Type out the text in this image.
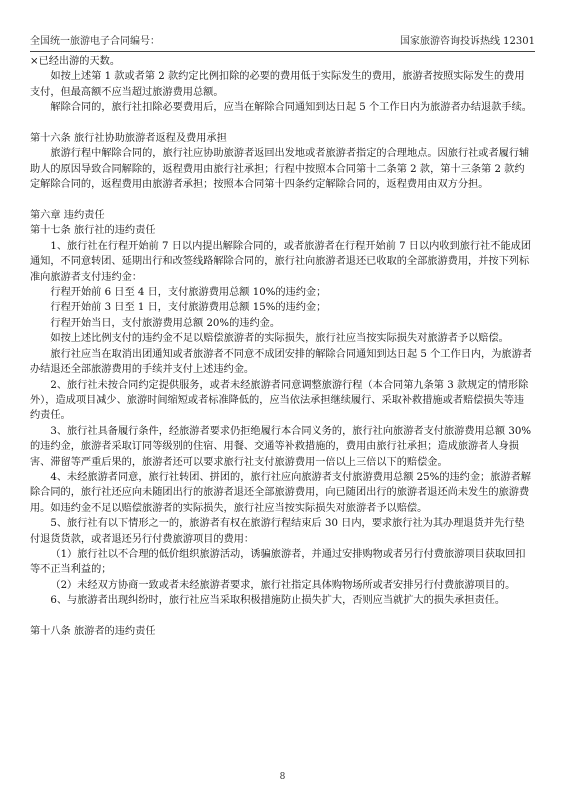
全国统一旅游电子合同编号：	国家旅游咨询投诉热线 12301

×已经出游的天数。

如按上述第 1 款或者第 2 款约定比例扣除的必要的费用低于实际发生的费用，旅游者按照实际发生的费用支付，但最高额不应当超过旅游费用总额。

解除合同的，旅行社扣除必要费用后，应当在解除合同通知到达日起 5 个工作日内为旅游者办结退款手续。

第十六条 旅行社协助旅游者返程及费用承担

旅游行程中解除合同的，旅行社应协助旅游者返回出发地或者旅游者指定的合理地点。因旅行社或者履行辅助人的原因导致合同解除的，返程费用由旅行社承担；行程中按照本合同第十二条第 2 款，第十三条第 2 款约定解除合同的，返程费用由旅游者承担；按照本合同第十四条约定解除合同的，返程费用由双方分担。

第六章 违约责任

第十七条 旅行社的违约责任

1、旅行社在行程开始前 7 日以内提出解除合同的，或者旅游者在行程开始前 7 日以内收到旅行社不能成团通知，不同意转团、延期出行和改签线路解除合同的，旅行社向旅游者退还已收取的全部旅游费用，并按下列标准向旅游者支付违约金：

行程开始前 6 日至 4 日，支付旅游费用总额 10%的违约金；

行程开始前 3 日至 1 日，支付旅游费用总额 15%的违约金；

行程开始当日，支付旅游费用总额 20%的违约金。

如按上述比例支付的违约金不足以赔偿旅游者的实际损失，旅行社应当按实际损失对旅游者予以赔偿。

旅行社应当在取消出团通知或者旅游者不同意不成团安排的解除合同通知到达日起 5 个工作日内，为旅游者办结退还全部旅游费用的手续并支付上述违约金。

2、旅行社未按合同约定提供服务，或者未经旅游者同意调整旅游行程（本合同第九条第 3 款规定的情形除外），造成项目减少、旅游时间缩短或者标准降低的，应当依法承担继续履行、采取补救措施或者赔偿损失等违约责任。

3、旅行社具备履行条件，经旅游者要求仍拒绝履行本合同义务的，旅行社向旅游者支付旅游费用总额 30%的违约金，旅游者采取订同等级别的住宿、用餐、交通等补救措施的，费用由旅行社承担；造成旅游者人身损害、滞留等严重后果的，旅游者还可以要求旅行社支付旅游费用一倍以上三倍以下的赔偿金。

4、未经旅游者同意，旅行社转团、拼团的，旅行社应向旅游者支付旅游费用总额 25%的违约金；旅游者解除合同的，旅行社还应向未随团出行的旅游者退还全部旅游费用，向已随团出行的旅游者退还尚未发生的旅游费用。如违约金不足以赔偿旅游者的实际损失，旅行社应当按实际损失对旅游者予以赔偿。

5、旅行社有以下情形之一的，旅游者有权在旅游行程结束后 30 日内，要求旅行社为其办理退货并先行垫付退货货款，或者退还另行付费旅游项目的费用：

（1）旅行社以不合理的低价组织旅游活动，诱骗旅游者，并通过安排购物或者另行付费旅游项目获取回扣等不正当利益的；

（2）未经双方协商一致或者未经旅游者要求，旅行社指定具体购物场所或者安排另行付费旅游项目的。

6、与旅游者出现纠纷时，旅行社应当采取积极措施防止损失扩大，否则应当就扩大的损失承担责任。

第十八条 旅游者的违约责任

8
